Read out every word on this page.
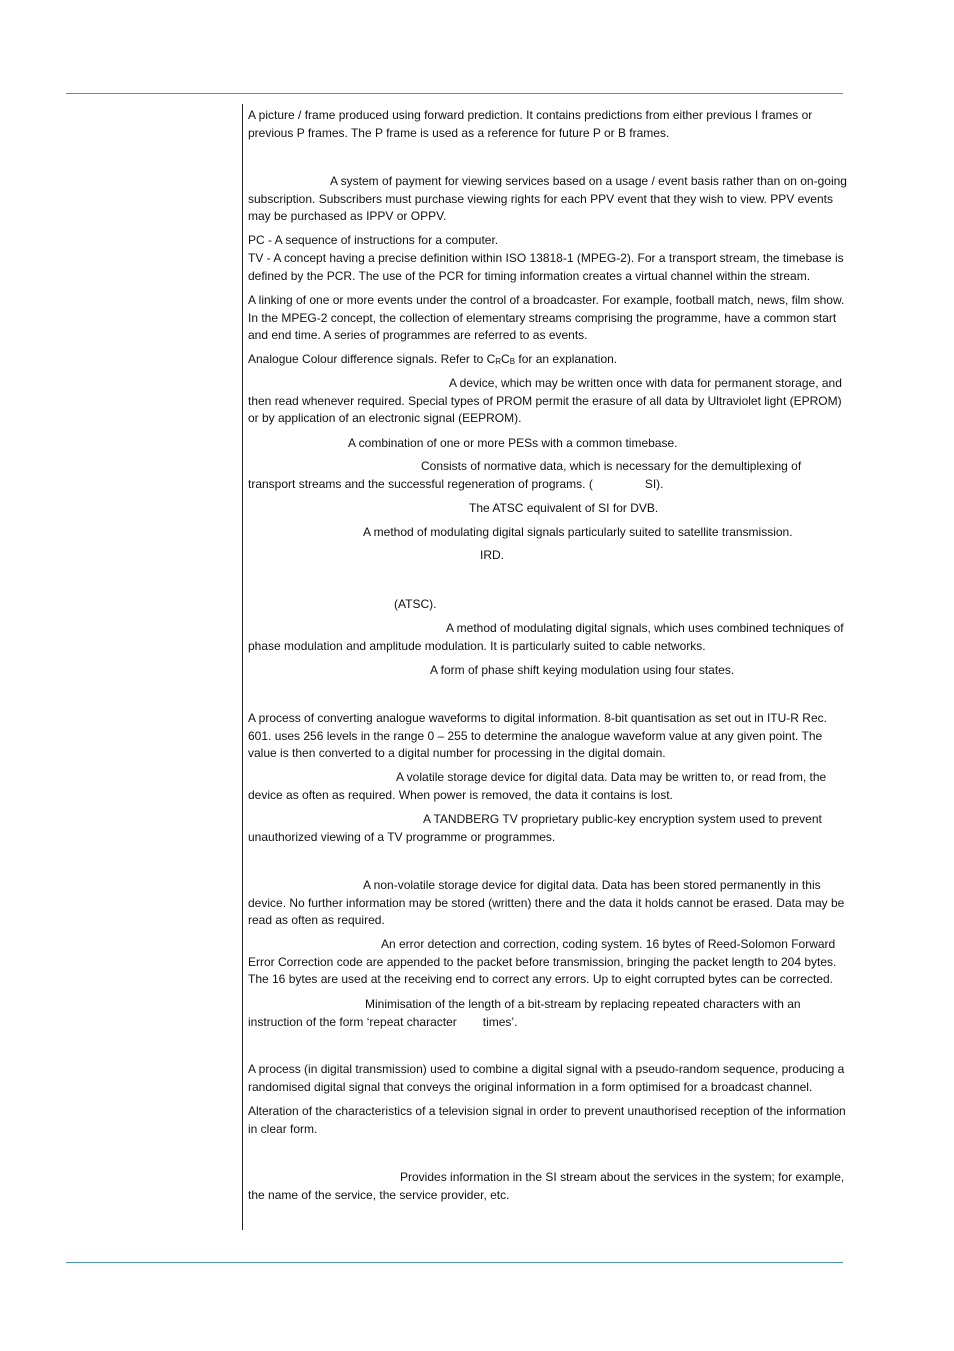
A picture / frame produced using forward prediction. It contains predictions from either previous I frames or previous P frames. The P frame is used as a reference for future P or B frames.

A system of payment for viewing services based on a usage / event basis rather than on on-going subscription. Subscribers must purchase viewing rights for each PPV event that they wish to view. PPV events may be purchased as IPPV or OPPV.

PC - A sequence of instructions for a computer.

TV - A concept having a precise definition within ISO 13818-1 (MPEG-2). For a transport stream, the timebase is defined by the PCR. The use of the PCR for timing information creates a virtual channel within the stream.

A linking of one or more events under the control of a broadcaster. For example, football match, news, film show. In the MPEG-2 concept, the collection of elementary streams comprising the programme, have a common start and end time. A series of programmes are referred to as events.

Analogue Colour difference signals. Refer to CRCB for an explanation.

A device, which may be written once with data for permanent storage, and then read whenever required. Special types of PROM permit the erasure of all data by Ultraviolet light (EPROM) or by application of an electronic signal (EEPROM).

A combination of one or more PESs with a common timebase.

Consists of normative data, which is necessary for the demultiplexing of transport streams and the successful regeneration of programs. (	SI).

The ATSC equivalent of SI for DVB.

A method of modulating digital signals particularly suited to satellite transmission.

IRD.

(ATSC).

A method of modulating digital signals, which uses combined techniques of phase modulation and amplitude modulation. It is particularly suited to cable networks.

A form of phase shift keying modulation using four states.

A process of converting analogue waveforms to digital information. 8-bit quantisation as set out in ITU-R Rec. 601. uses 256 levels in the range 0 – 255 to determine the analogue waveform value at any given point. The value is then converted to a digital number for processing in the digital domain.

A volatile storage device for digital data. Data may be written to, or read from, the device as often as required. When power is removed, the data it contains is lost.

A TANDBERG TV proprietary public-key encryption system used to prevent unauthorized viewing of a TV programme or programmes.

A non-volatile storage device for digital data. Data has been stored permanently in this device. No further information may be stored (written) there and the data it holds cannot be erased. Data may be read as often as required.

An error detection and correction, coding system. 16 bytes of Reed-Solomon Forward Error Correction code are appended to the packet before transmission, bringing the packet length to 204 bytes. The 16 bytes are used at the receiving end to correct any errors. Up to eight corrupted bytes can be corrected.

Minimisation of the length of a bit-stream by replacing repeated characters with an instruction of the form ‘repeat character times’.

A process (in digital transmission) used to combine a digital signal with a pseudo-random sequence, producing a randomised digital signal that conveys the original information in a form optimised for a broadcast channel.

Alteration of the characteristics of a television signal in order to prevent unauthorised reception of the information in clear form.

Provides information in the SI stream about the services in the system; for example, the name of the service, the service provider, etc.
